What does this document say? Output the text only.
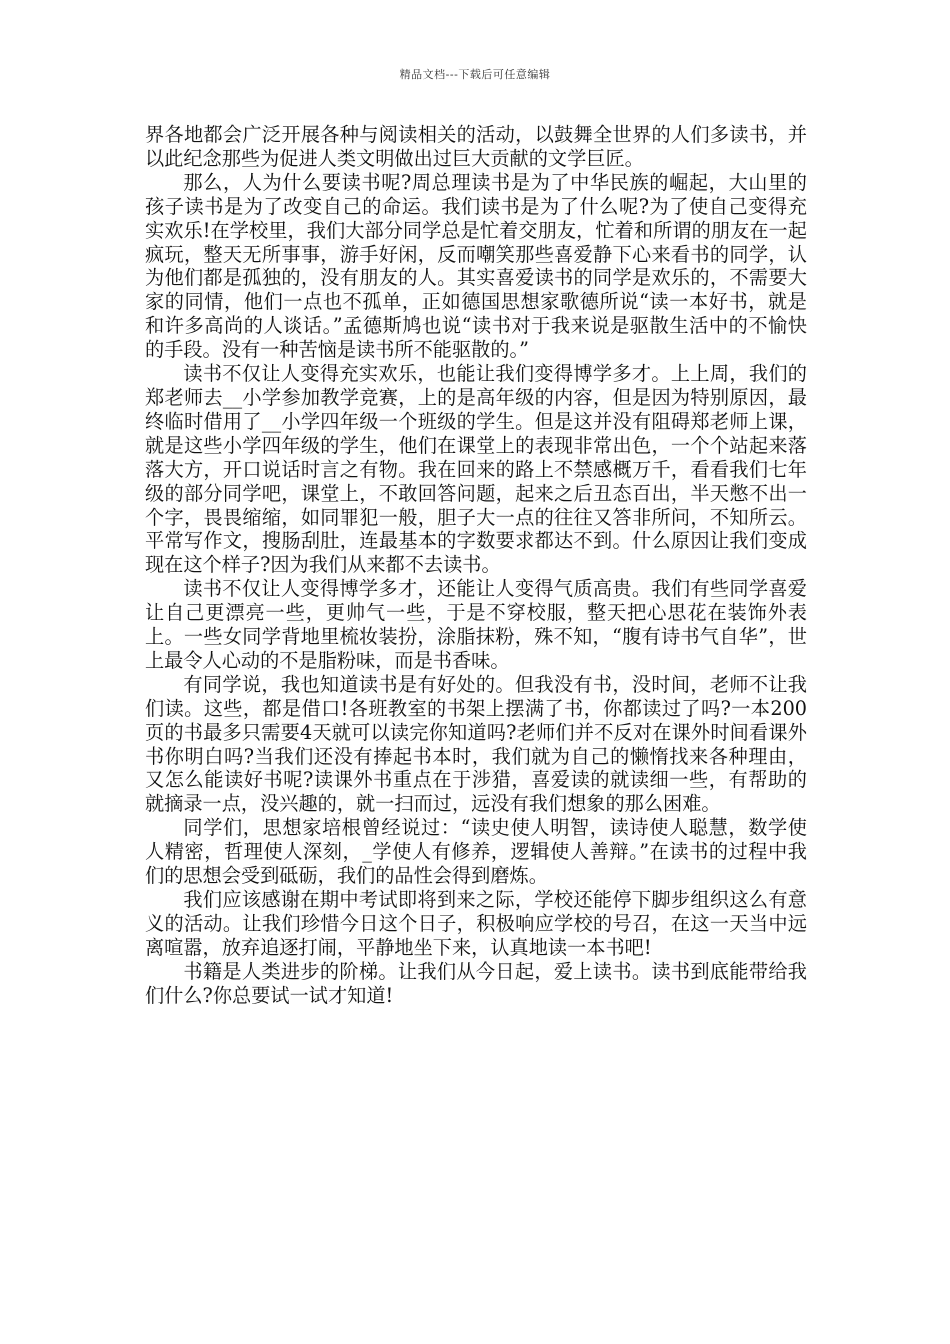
精品文档---下载后可任意编辑

界各地都会广泛开展各种与阅读相关的活动，以鼓舞全世界的人们多读书，并以此纪念那些为促进人类文明做出过巨大贡献的文学巨匠。

那么，人为什么要读书呢?周总理读书是为了中华民族的崛起，大山里的孩子读书是为了改变自己的命运。我们读书是为了什么呢?为了使自己变得充实欢乐!在学校里，我们大部分同学总是忙着交朋友，忙着和所谓的朋友在一起疯玩，整天无所事事，游手好闲，反而嘲笑那些喜爱静下心来看书的同学，认为他们都是孤独的，没有朋友的人。其实喜爱读书的同学是欢乐的，不需要大家的同情，他们一点也不孤单，正如德国思想家歌德所说“读一本好书，就是和许多高尚的人谈话。”孟德斯鸠也说“读书对于我来说是驱散生活中的不愉快的手段。没有一种苦恼是读书所不能驱散的。”

读书不仅让人变得充实欢乐，也能让我们变得博学多才。上上周，我们的郑老师去__小学参加教学竞赛，上的是高年级的内容，但是因为特别原因，最终临时借用了__小学四年级一个班级的学生。但是这并没有阻碍郑老师上课，就是这些小学四年级的学生，他们在课堂上的表现非常出色，一个个站起来落落大方，开口说话时言之有物。我在回来的路上不禁感概万千，看看我们七年级的部分同学吧，课堂上，不敢回答问题，起来之后丑态百出，半天憋不出一个字，畏畏缩缩，如同罪犯一般，胆子大一点的往往又答非所问，不知所云。平常写作文，搜肠刮肚，连最基本的字数要求都达不到。什么原因让我们变成现在这个样子?因为我们从来都不去读书。

读书不仅让人变得博学多才，还能让人变得气质高贵。我们有些同学喜爱让自己更漂亮一些，更帅气一些，于是不穿校服，整天把心思花在装饰外表上。一些女同学背地里梳妆装扮，涂脂抹粉，殊不知，“腹有诗书气自华”，世上最令人心动的不是脂粉味，而是书香味。

有同学说，我也知道读书是有好处的。但我没有书，没时间，老师不让我们读。这些，都是借口!各班教室的书架上摆满了书，你都读过了吗?一本200页的书最多只需要4天就可以读完你知道吗?老师们并不反对在课外时间看课外书你明白吗?当我们还没有捧起书本时，我们就为自己的懒惰找来各种理由，又怎么能读好书呢?读课外书重点在于涉猎，喜爱读的就读细一些，有帮助的就摘录一点，没兴趣的，就一扫而过，远没有我们想象的那么困难。

同学们，思想家培根曾经说过：“读史使人明智，读诗使人聪慧，数学使人精密，哲理使人深刻，_学使人有修养，逻辑使人善辩。”在读书的过程中我们的思想会受到砥砺，我们的品性会得到磨炼。

我们应该感谢在期中考试即将到来之际，学校还能停下脚步组织这么有意义的活动。让我们珍惜今日这个日子，积极响应学校的号召，在这一天当中远离喧嚣，放弃追逐打闹，平静地坐下来，认真地读一本书吧!

书籍是人类进步的阶梯。让我们从今日起，爱上读书。读书到底能带给我们什么?你总要试一试才知道!
